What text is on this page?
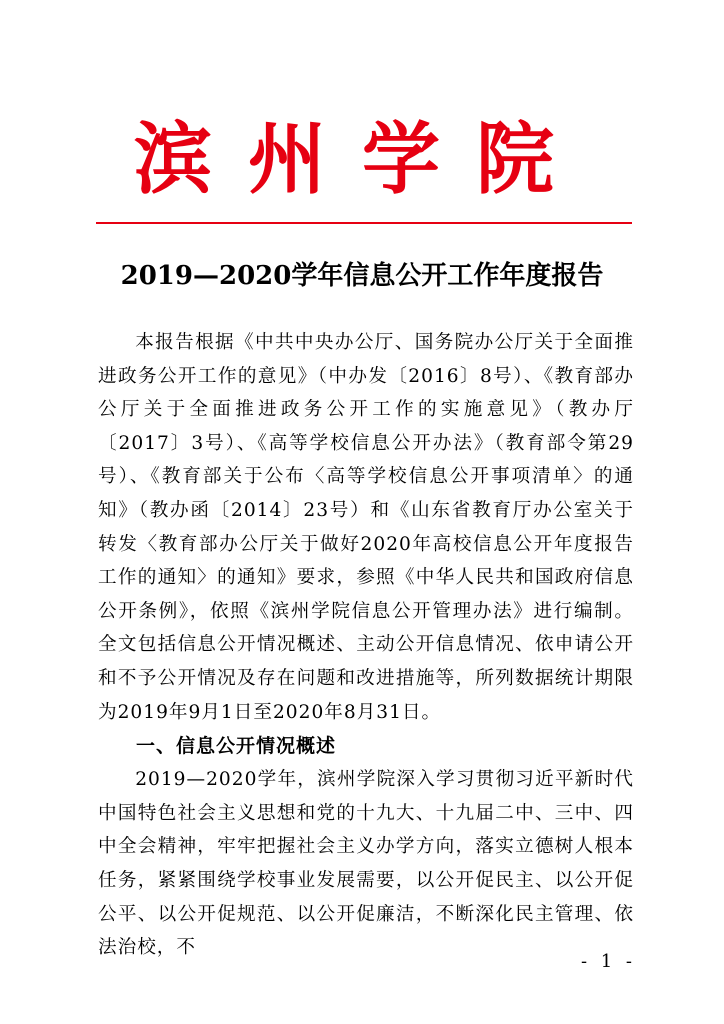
滨州学院
2019—2020学年信息公开工作年度报告

本报告根据《中共中央办公厅、国务院办公厅关于全面推进政务公开工作的意见》（中办发〔2016〕8号）、《教育部办公厅关于全面推进政务公开工作的实施意见》（教办厅〔2017〕3号）、《高等学校信息公开办法》（教育部令第29号）、《教育部关于公布〈高等学校信息公开事项清单〉的通知》（教办函〔2014〕23号）和《山东省教育厅办公室关于转发〈教育部办公厅关于做好2020年高校信息公开年度报告工作的通知〉的通知》要求，参照《中华人民共和国政府信息公开条例》，依照《滨州学院信息公开管理办法》进行编制。全文包括信息公开情况概述、主动公开信息情况、依申请公开和不予公开情况及存在问题和改进措施等，所列数据统计期限为2019年9月1日至2020年8月31日。

一、信息公开情况概述

2019—2020学年，滨州学院深入学习贯彻习近平新时代中国特色社会主义思想和党的十九大、十九届二中、三中、四中全会精神，牢牢把握社会主义办学方向，落实立德树人根本任务，紧紧围绕学校事业发展需要，以公开促民主、以公开促公平、以公开促规范、以公开促廉洁，不断深化民主管理、依法治校，不

- 1 -
